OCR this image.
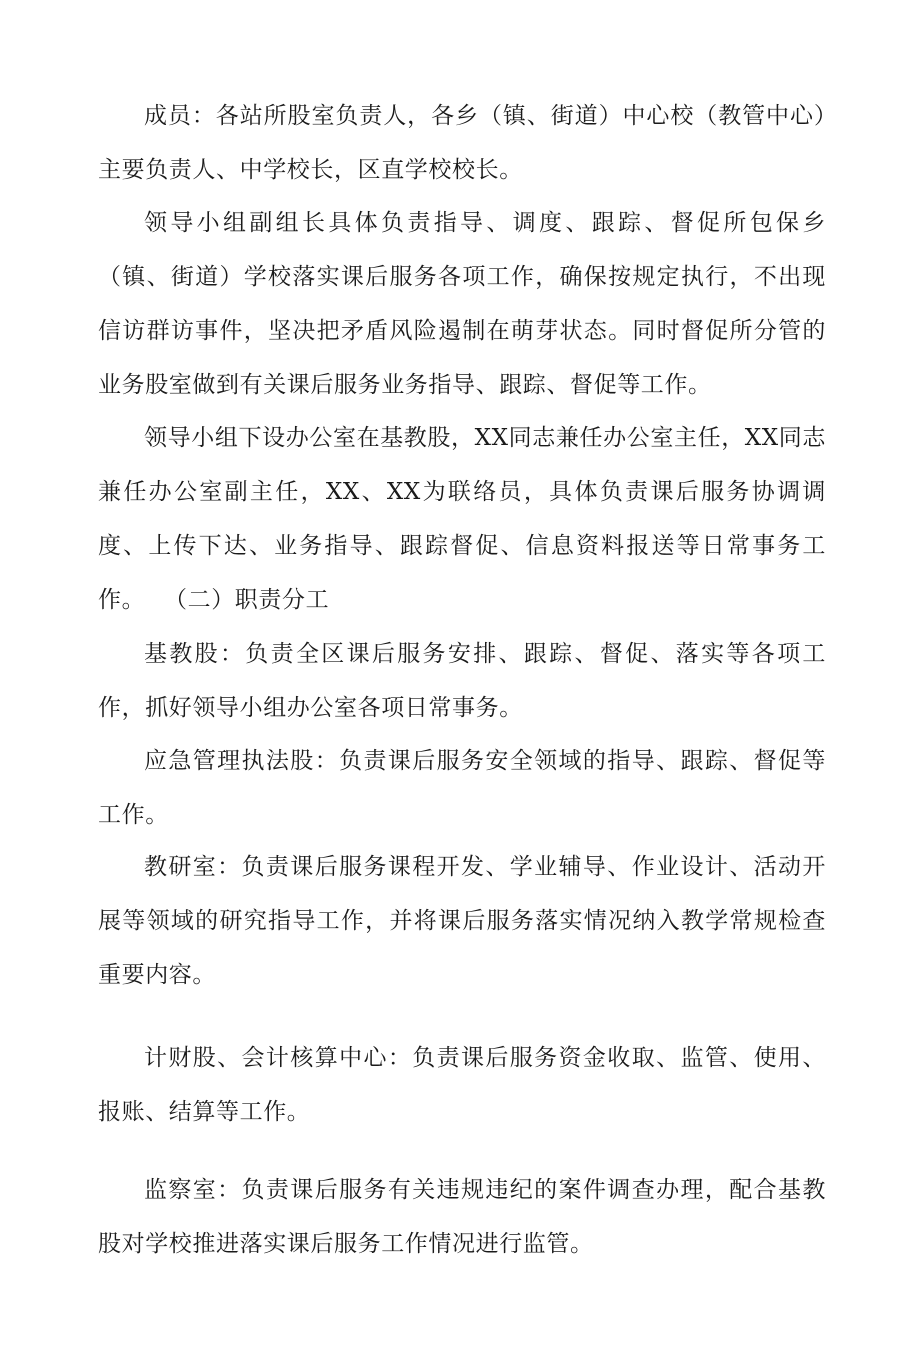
成员：各站所股室负责人，各乡（镇、街道）中心校（教管中心）主要负责人、中学校长，区直学校校长。

领导小组副组长具体负责指导、调度、跟踪、督促所包保乡（镇、街道）学校落实课后服务各项工作，确保按规定执行，不出现信访群访事件，坚决把矛盾风险遏制在萌芽状态。同时督促所分管的业务股室做到有关课后服务业务指导、跟踪、督促等工作。

领导小组下设办公室在基教股，XX同志兼任办公室主任，XX同志兼任办公室副主任，XX、XX为联络员，具体负责课后服务协调调度、上传下达、业务指导、跟踪督促、信息资料报送等日常事务工作。 （二）职责分工

基教股：负责全区课后服务安排、跟踪、督促、落实等各项工作，抓好领导小组办公室各项日常事务。

应急管理执法股：负责课后服务安全领域的指导、跟踪、督促等工作。

教研室：负责课后服务课程开发、学业辅导、作业设计、活动开展等领域的研究指导工作，并将课后服务落实情况纳入教学常规检查重要内容。

计财股、会计核算中心：负责课后服务资金收取、监管、使用、报账、结算等工作。

监察室：负责课后服务有关违规违纪的案件调查办理，配合基教股对学校推进落实课后服务工作情况进行监管。
